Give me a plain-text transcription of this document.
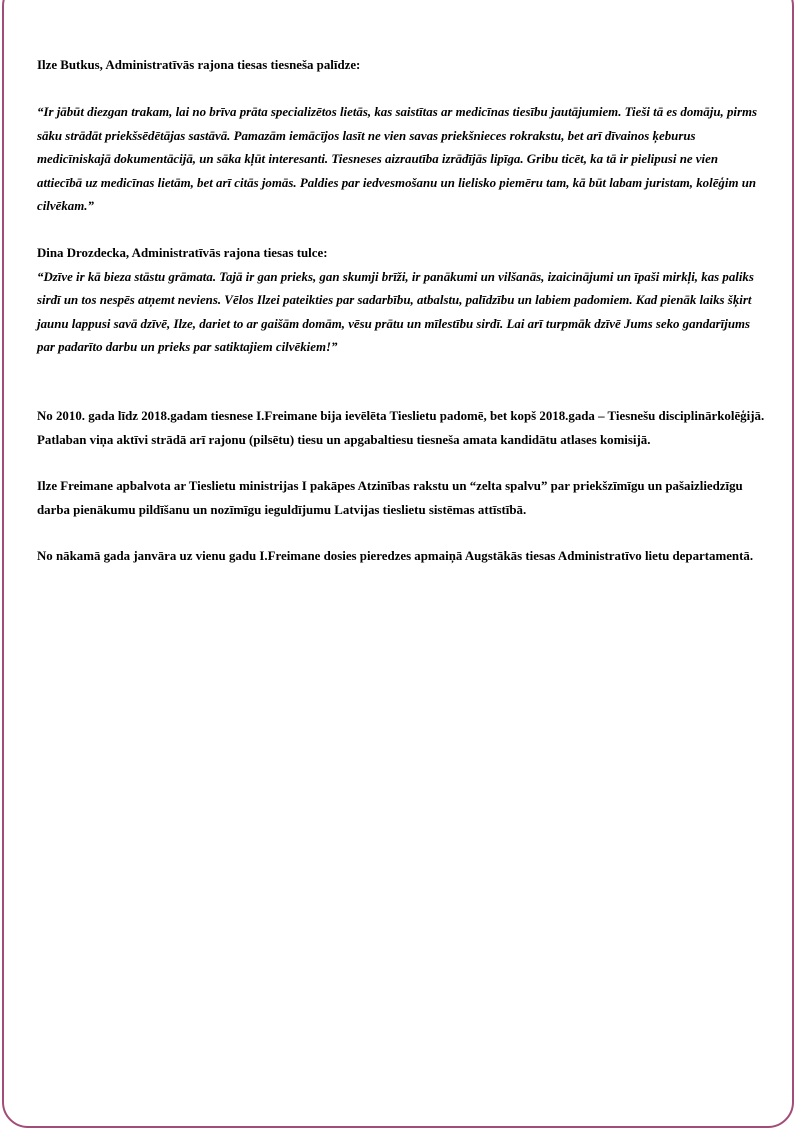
Ilze Butkus, Administratīvās rajona tiesas tiesneša palīdze:

“Ir jābūt diezgan trakam, lai no brīva prāta specializētos lietās, kas saistītas ar medicīnas tiesību jautājumiem. Tieši tā es domāju, pirms sāku strādāt priekšsēdētājas sastāvā. Pamazām iemācījos lasīt ne vien savas priekšnieces rokrakstu, bet arī dīvainos ķeburus medicīniskajā dokumentācijā, un sāka kļūt interesanti. Tiesneses aizrautība izrādījās lipīga. Gribu ticēt, ka tā ir pielipusi ne vien attiecībā uz medicīnas lietām, bet arī citās jomās. Paldies par iedvesmošanu un lielisko piemēru tam, kā būt labam juristam, kolēģim un cilvēkam.”

Dina Drozdecka, Administratīvās rajona tiesas tulce:

“Dzīve ir kā bieza stāstu grāmata. Tajā ir gan prieks, gan skumji brīži, ir panākumi un vilšanās, izaicinājumi un īpaši mirkļi, kas paliks sirdī un tos nespēs atņemt neviens. Vēlos Ilzei pateikties par sadarbību, atbalstu, palīdzību un labiem padomiem. Kad pienāk laiks šķirt jaunu lappusi savā dzīvē, Ilze, dariet to ar gaišām domām, vēsu prātu un mīlestību sirdī. Lai arī turpmāk dzīvē Jums seko gandarījums par padarīto darbu un prieks par satiktajiem cilvēkiem!”

No 2010. gada līdz 2018.gadam tiesnese I.Freimane bija ievēlēta Tieslietu padomē, bet kopš 2018.gada – Tiesnešu disciplinārkolēģijā. Patlaban viņa aktīvi strādā arī rajonu (pilsētu) tiesu un apgabaltiesu tiesneša amata kandidātu atlases komisijā.

Ilze Freimane apbalvota ar Tieslietu ministrijas I pakāpes Atzinības rakstu un “zelta spalvu” par priekšzīmīgu un pašaizliedzīgu darba pienākumu pildīšanu un nozīmīgu ieguldījumu Latvijas tieslietu sistēmas attīstībā.

No nākamā gada janvāra uz vienu gadu I.Freimane dosies pieredzes apmaiņā Augstākās tiesas Administratīvo lietu departamentā.
